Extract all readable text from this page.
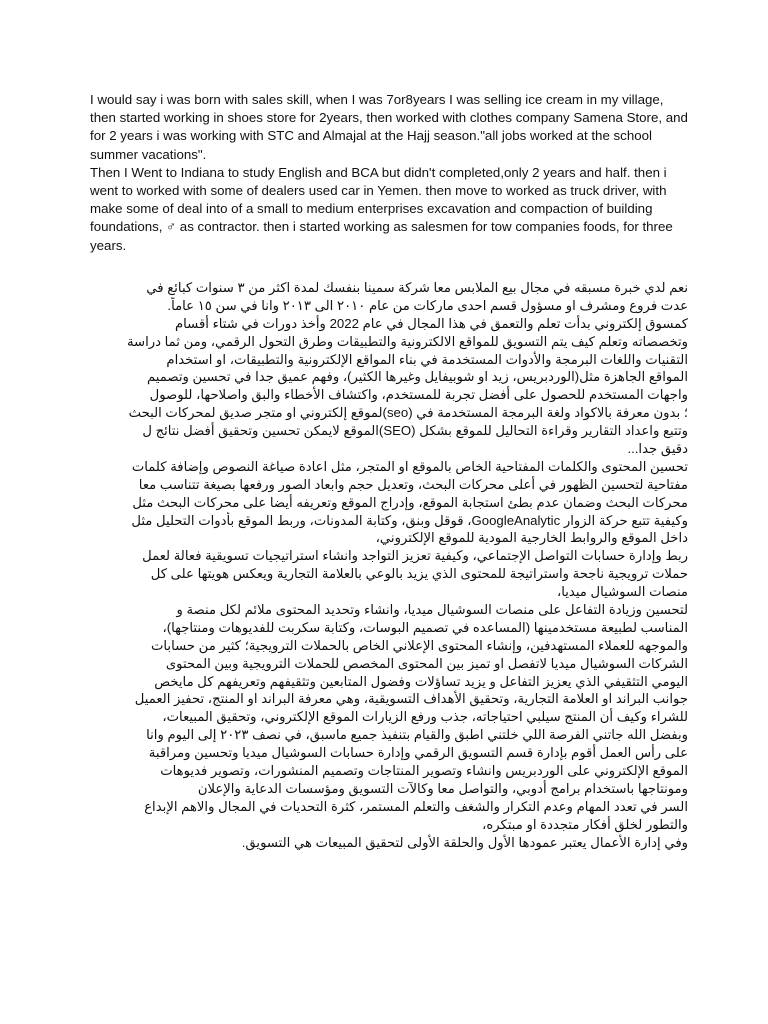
I would say i was born with sales skill, when I was 7or8years I was selling ice cream in my village, then started working in shoes store for 2years, then worked with clothes company Samena Store, and for 2 years i was working with STC and Almajal at the Hajj season."all jobs worked at the school summer vacations".

Then I Went to Indiana to study English and BCA but didn't completed,only 2 years and half. then i went to worked with some of dealers used car in Yemen. then move to worked as truck driver, with make some of deal into of a small to medium enterprises excavation and compaction of building foundations, ♂ as contractor. then i started working as salesmen for tow companies foods, for three years.

نعم لدي خبرة مسبقه في مجال بيع الملابس معا شركة سمينا بنفسك لمدة اكثر من ٣ سنوات كبائع في
عدت فروع ومشرف او مسؤول قسم احدى ماركات من عام ٢٠١٠ الى ٢٠١٣ وانا في سن ١٥ عاماً.
كمسوق إلكتروني بدأت تعلم والتعمق في هذا المجال في عام 2022 وأخذ دورات في شتاء أقسام
وتخصصاته وتعلم كيف يتم التسويق للمواقع الالكترونية والتطبيقات وطرق التحول الرقمي، ومن ثما دراسة
التقنيات واللغات البرمجة والأدوات المستخدمة في بناء المواقع الإلكترونية والتطبيقات، او استخدام
المواقع الجاهزة مثل(الوردبريس، زيد او شوبيفايل وغيرها الكثير)، وفهم عميق جدا في تحسين وتصميم
واجهات المستخدم للحصول على أفضل تجربة للمستخدم، واكتشاف الأخطاء والبق واصلاحها، للوصول
؛ بدون معرفة بالاكواد ولغة البرمجة المستخدمة في (seo)لموقع إلكتروني او متجر صديق لمحركات البحث
وتتبع واعداد التقارير وقراءة التحاليل للموقع بشكل (SEO)الموقع لايمكن تحسين وتحقيق أفضل نتائج ل
دقيق جدا...
تحسين المحتوى والكلمات المفتاحية الخاص بالموقع او المتجر، مثل اعادة صياغة النصوص وإضافة كلمات
مفتاحية لتحسين الظهور في أعلى محركات البحث، وتعديل حجم وابعاد الصور ورفعها بصيغة تتناسب معا
محركات البحث وضمان عدم بطئ استجابة الموقع، وإدراج الموقع وتعريفه أيضا على محركات البحث مثل
وكيفية تتبع حركة الزوار GoogleAnalytic، قوقل وبنق، وكتابة المدونات، وربط الموقع بأدوات التحليل مثل
داخل الموقع والروابط الخارجية المودية للموقع الإلكتروني،
ربط وإدارة حسابات التواصل الإجتماعي، وكيفية تعزيز التواجد وانشاء استراتيجيات تسويقية فعالة لعمل
حملات ترويجية ناجحة واستراتيجة للمحتوى الذي يزيد بالوعي بالعلامة التجارية ويعكس هويتها على كل
منصات السوشيال ميديا،
لتحسين وزيادة التفاعل على منصات السوشيال ميديا، وانشاء وتحديد المحتوى ملائم لكل منصة و
المناسب لطبيعة مستخدمينها (المساعده في تصميم البوسات، وكتابة سكربت للفديوهات ومنتاجها)،
والموجهه للعملاء المستهدفين، وإنشاء المحتوى الإعلاني الخاص بالحملات الترويجية؛ كثير من حسابات
الشركات السوشيال ميديا لاتفصل او تميز بين المحتوى المخصص للحملات الترويجية وبين المحتوى
اليومي التثقيفي الذي يعزيز التفاعل و يزيد تساؤلات وفضول المتابعين وتثقيفهم وتعريفهم كل مايخص
جوانب البراند او العلامة التجارية، وتحقيق الأهداف التسويقية، وهي معرفة البراند او المنتج، تحفيز العميل
للشراء وكيف أن المنتج سيلبي احتياجاته، جذب ورفع الزيارات الموقع الإلكتروني، وتحقيق المبيعات،
وبفضل الله جاتني الفرصة اللي خلتني اطبق والقيام بتنفيذ جميع ماسبق، في نصف ٢٠٢٣ إلى اليوم وانا
على رأس العمل أقوم بإدارة قسم التسويق الرقمي وإدارة حسابات السوشيال ميديا وتحسين ومراقبة
الموقع الإلكتروني على الوردبريس وانشاء وتصوير المنتاجات وتصميم المنشورات، وتصوير فديوهات
ومونتاجها باستخدام برامج أدوبي، والتواصل معا وكالآت التسويق ومؤسسات الدعاية والإعلان
السر في تعدد المهام وعدم التكرار والشغف والتعلم المستمر، كثرة التحديات في المجال والاهم الإبداع
والتطور لخلق أفكار متجددة او مبتكره،
وفي إدارة الأعمال يعتبر عمودها الأول والحلقة الأولى لتحقيق المبيعات هي التسويق.
